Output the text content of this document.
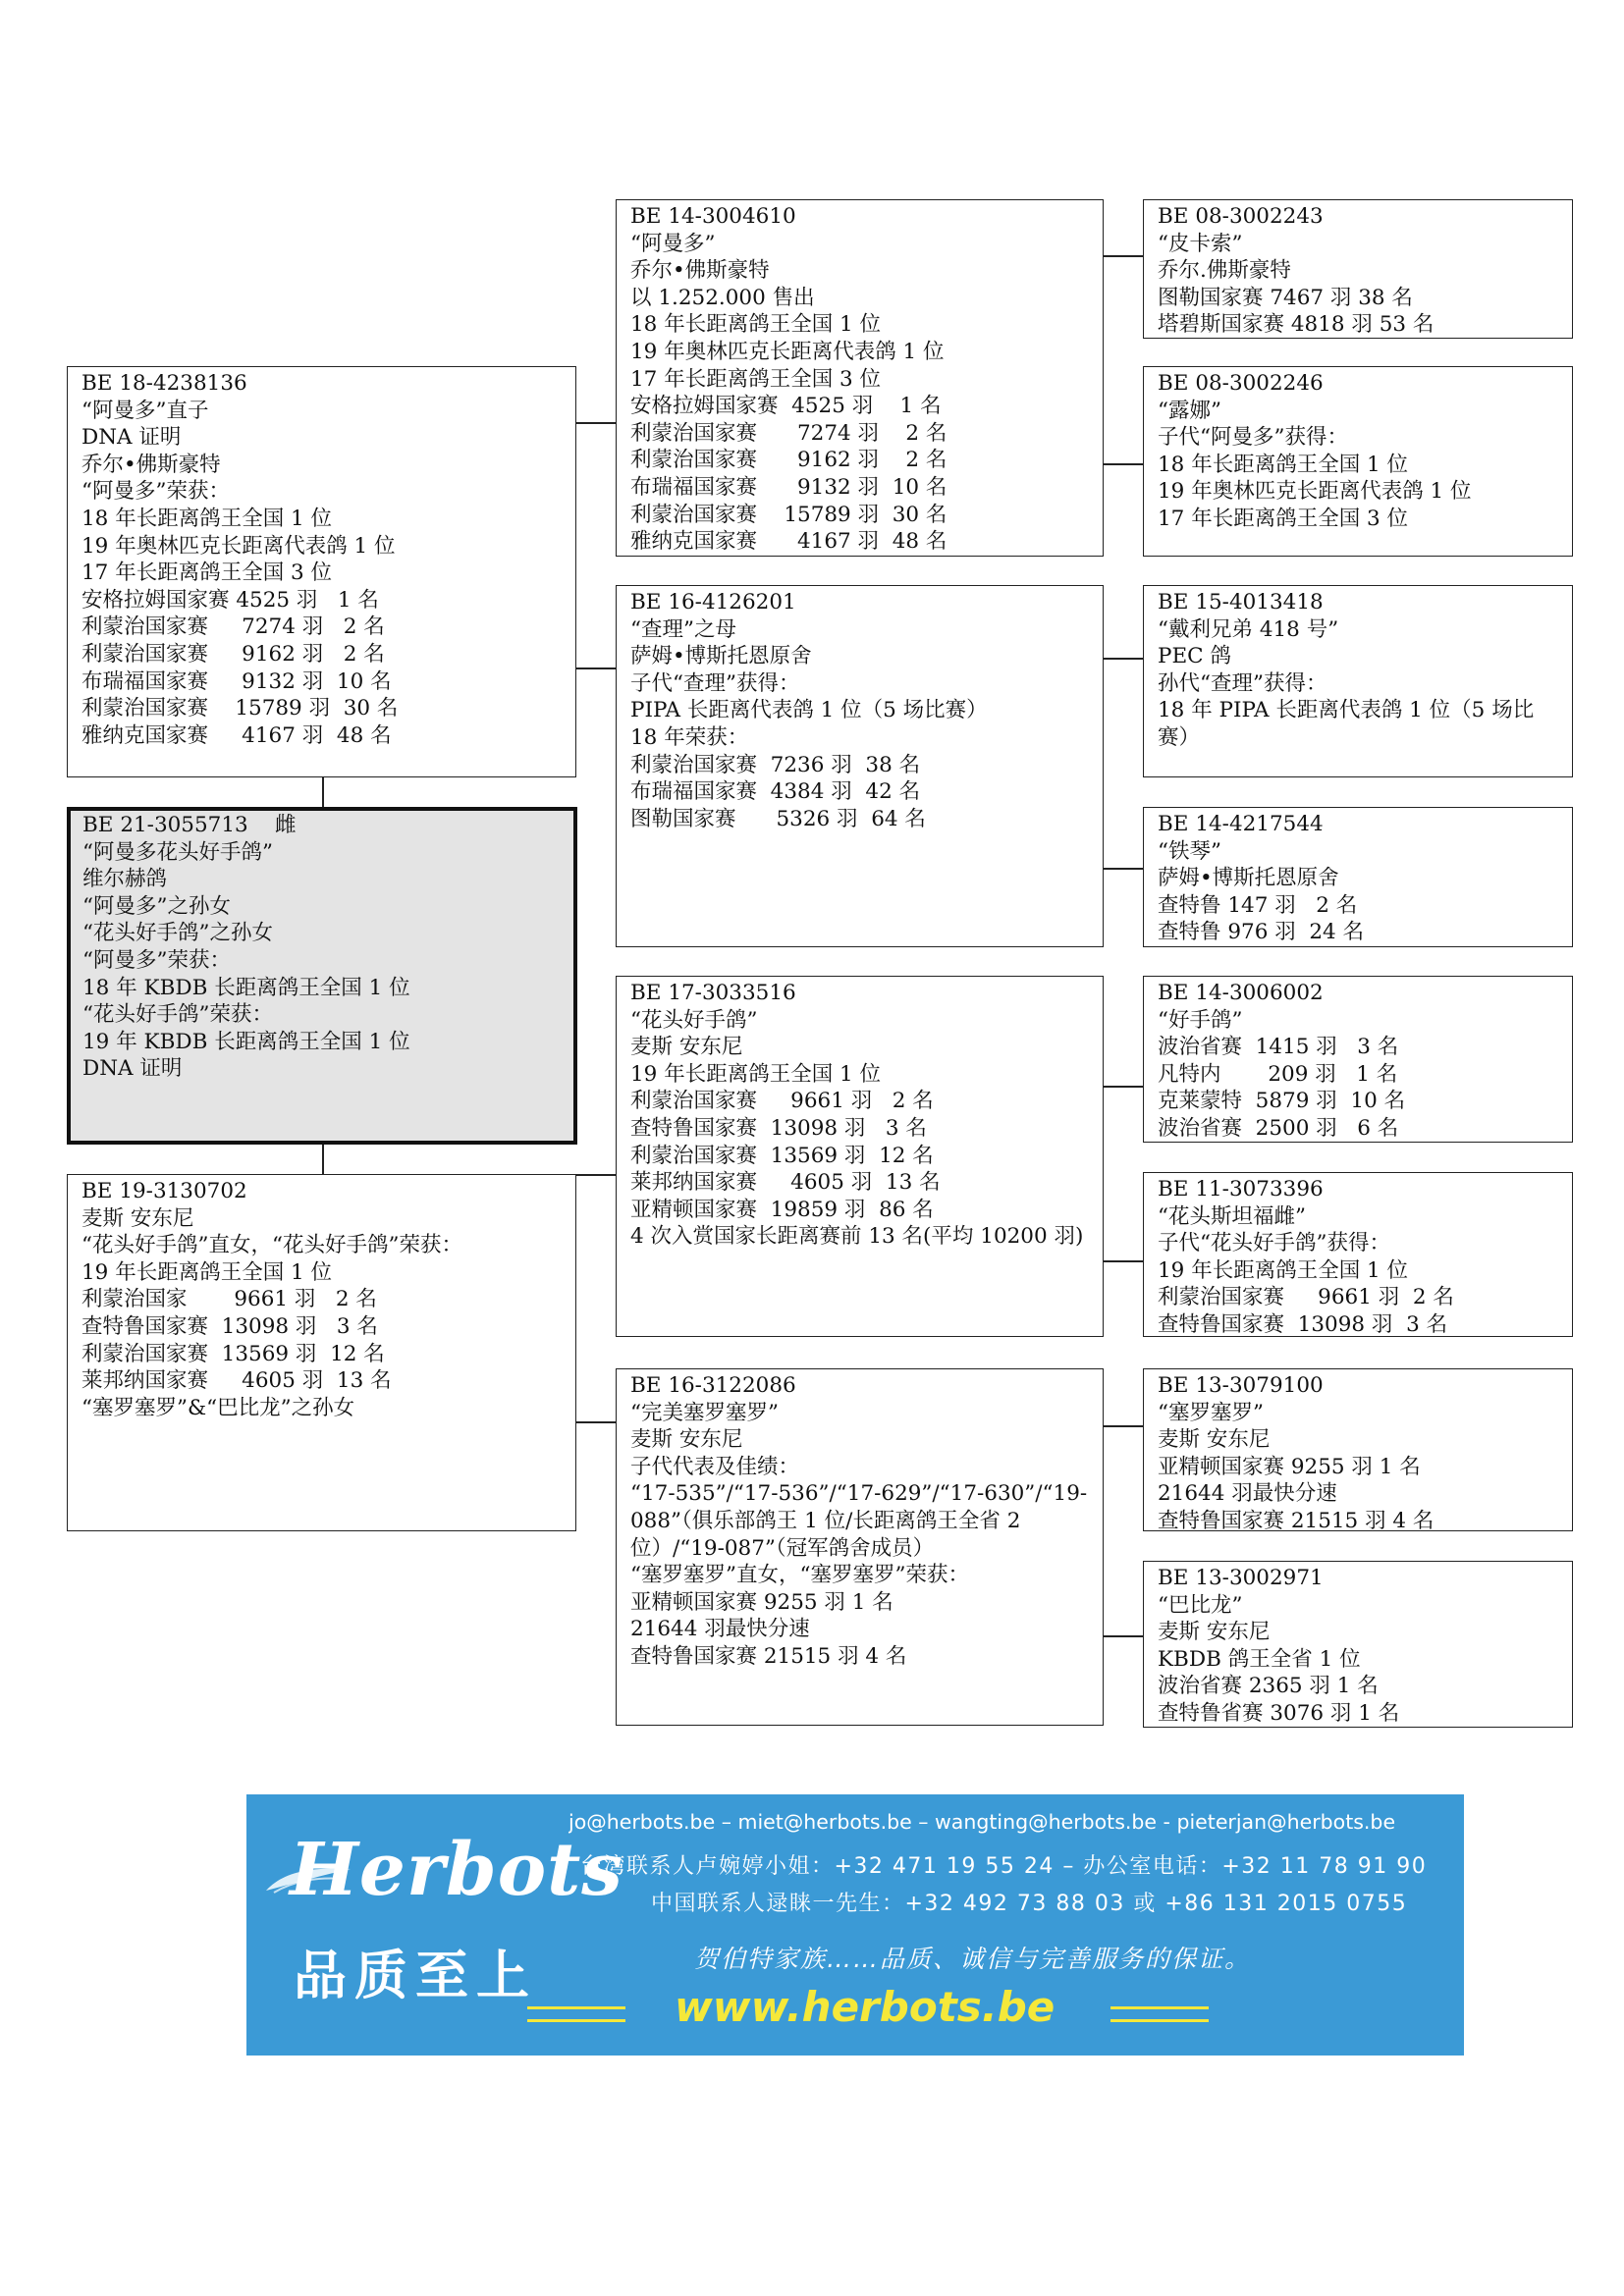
BE 21-3055713    雌
“阿曼多花头好手鸽”
维尔赫鸽
“阿曼多”之孙女
“花头好手鸽”之孙女
“阿曼多”荣获：
18 年 KBDB 长距离鸽王全国 1 位
“花头好手鸽”荣获：
19 年 KBDB 长距离鸽王全国 1 位
DNA 证明
BE 18-4238136
“阿曼多”直子
DNA 证明
乔尔•佛斯豪特
“阿曼多”荣获：
18 年长距离鸽王全国 1 位
19 年奥林匹克长距离代表鸽 1 位
17 年长距离鸽王全国 3 位
安格拉姆国家赛 4525 羽   1 名
利蒙治国家赛     7274 羽   2 名
利蒙治国家赛     9162 羽   2 名
布瑞福国家赛     9132 羽  10 名
利蒙治国家赛    15789 羽  30 名
雅纳克国家赛     4167 羽  48 名
BE 19-3130702
麦斯 安东尼
“花头好手鸽”直女，“花头好手鸽”荣获：
19 年长距离鸽王全国 1 位
利蒙治国家       9661 羽   2 名
查特鲁国家赛  13098 羽   3 名
利蒙治国家赛  13569 羽  12 名
莱邦纳国家赛     4605 羽  13 名
“塞罗塞罗”&“巴比龙”之孙女
BE 14-3004610
“阿曼多”
乔尔•佛斯豪特
以 1.252.000 售出
18 年长距离鸽王全国 1 位
19 年奥林匹克长距离代表鸽 1 位
17 年长距离鸽王全国 3 位
安格拉姆国家赛  4525 羽    1 名
利蒙治国家赛      7274 羽    2 名
利蒙治国家赛      9162 羽    2 名
布瑞福国家赛      9132 羽  10 名
利蒙治国家赛    15789 羽  30 名
雅纳克国家赛      4167 羽  48 名
BE 16-4126201
“查理”之母
萨姆•博斯托恩原舍
子代“查理”获得：
PIPA 长距离代表鸽 1 位（5 场比赛）
18 年荣获：
利蒙治国家赛  7236 羽  38 名
布瑞福国家赛  4384 羽  42 名
图勒国家赛      5326 羽  64 名
BE 17-3033516
“花头好手鸽”
麦斯 安东尼
19 年长距离鸽王全国 1 位
利蒙治国家赛     9661 羽   2 名
查特鲁国家赛  13098 羽   3 名
利蒙治国家赛  13569 羽  12 名
莱邦纳国家赛     4605 羽  13 名
亚精顿国家赛  19859 羽  86 名
4 次入赏国家长距离赛前 13 名(平均 10200 羽)
BE 16-3122086
“完美塞罗塞罗”
麦斯 安东尼
子代代表及佳绩：
“17-535”/“17-536”/“17-629”/“17-630”/“19-088”（俱乐部鸽王 1 位/长距离鸽王全省 2 位）/“19-087”（冠军鸽舍成员）
“塞罗塞罗”直女，“塞罗塞罗”荣获：
亚精顿国家赛 9255 羽 1 名
21644 羽最快分速
查特鲁国家赛 21515 羽 4 名
BE 08-3002243
“皮卡索”
乔尔.佛斯豪特
图勒国家赛 7467 羽 38 名
塔碧斯国家赛 4818 羽 53 名
BE 08-3002246
“露娜”
子代“阿曼多”获得：
18 年长距离鸽王全国 1 位
19 年奥林匹克长距离代表鸽 1 位
17 年长距离鸽王全国 3 位
BE 15-4013418
“戴利兄弟 418 号”
PEC 鸽
孙代“查理”获得：
18 年 PIPA 长距离代表鸽 1 位（5 场比赛）
BE 14-4217544
“铁琴”
萨姆•博斯托恩原舍
查特鲁 147 羽   2 名
查特鲁 976 羽  24 名
BE 14-3006002
“好手鸽”
波治省赛  1415 羽   3 名
凡特内       209 羽   1 名
克莱蒙特  5879 羽  10 名
波治省赛  2500 羽   6 名
BE 11-3073396
“花头斯坦福雌”
子代“花头好手鸽”获得：
19 年长距离鸽王全国 1 位
利蒙治国家赛     9661 羽  2 名
查特鲁国家赛  13098 羽  3 名
BE 13-3079100
“塞罗塞罗”
麦斯 安东尼
亚精顿国家赛 9255 羽 1 名
21644 羽最快分速
查特鲁国家赛 21515 羽 4 名
BE 13-3002971
“巴比龙”
麦斯 安东尼
KBDB 鸽王全省 1 位
波治省赛 2365 羽 1 名
查特鲁省赛 3076 羽 1 名
jo@herbots.be – miet@herbots.be – wangting@herbots.be - pieterjan@herbots.be
Herbots
台湾联系人卢婉婷小姐：+32 471 19 55 24 – 办公室电话：+32 11 78 91 90
中国联系人逯睐一先生：+32 492 73 88 03 或 +86 131 2015 0755
品质至上	贺伯特家族……品质、诚信与完善服务的保证。
www.herbots.be
